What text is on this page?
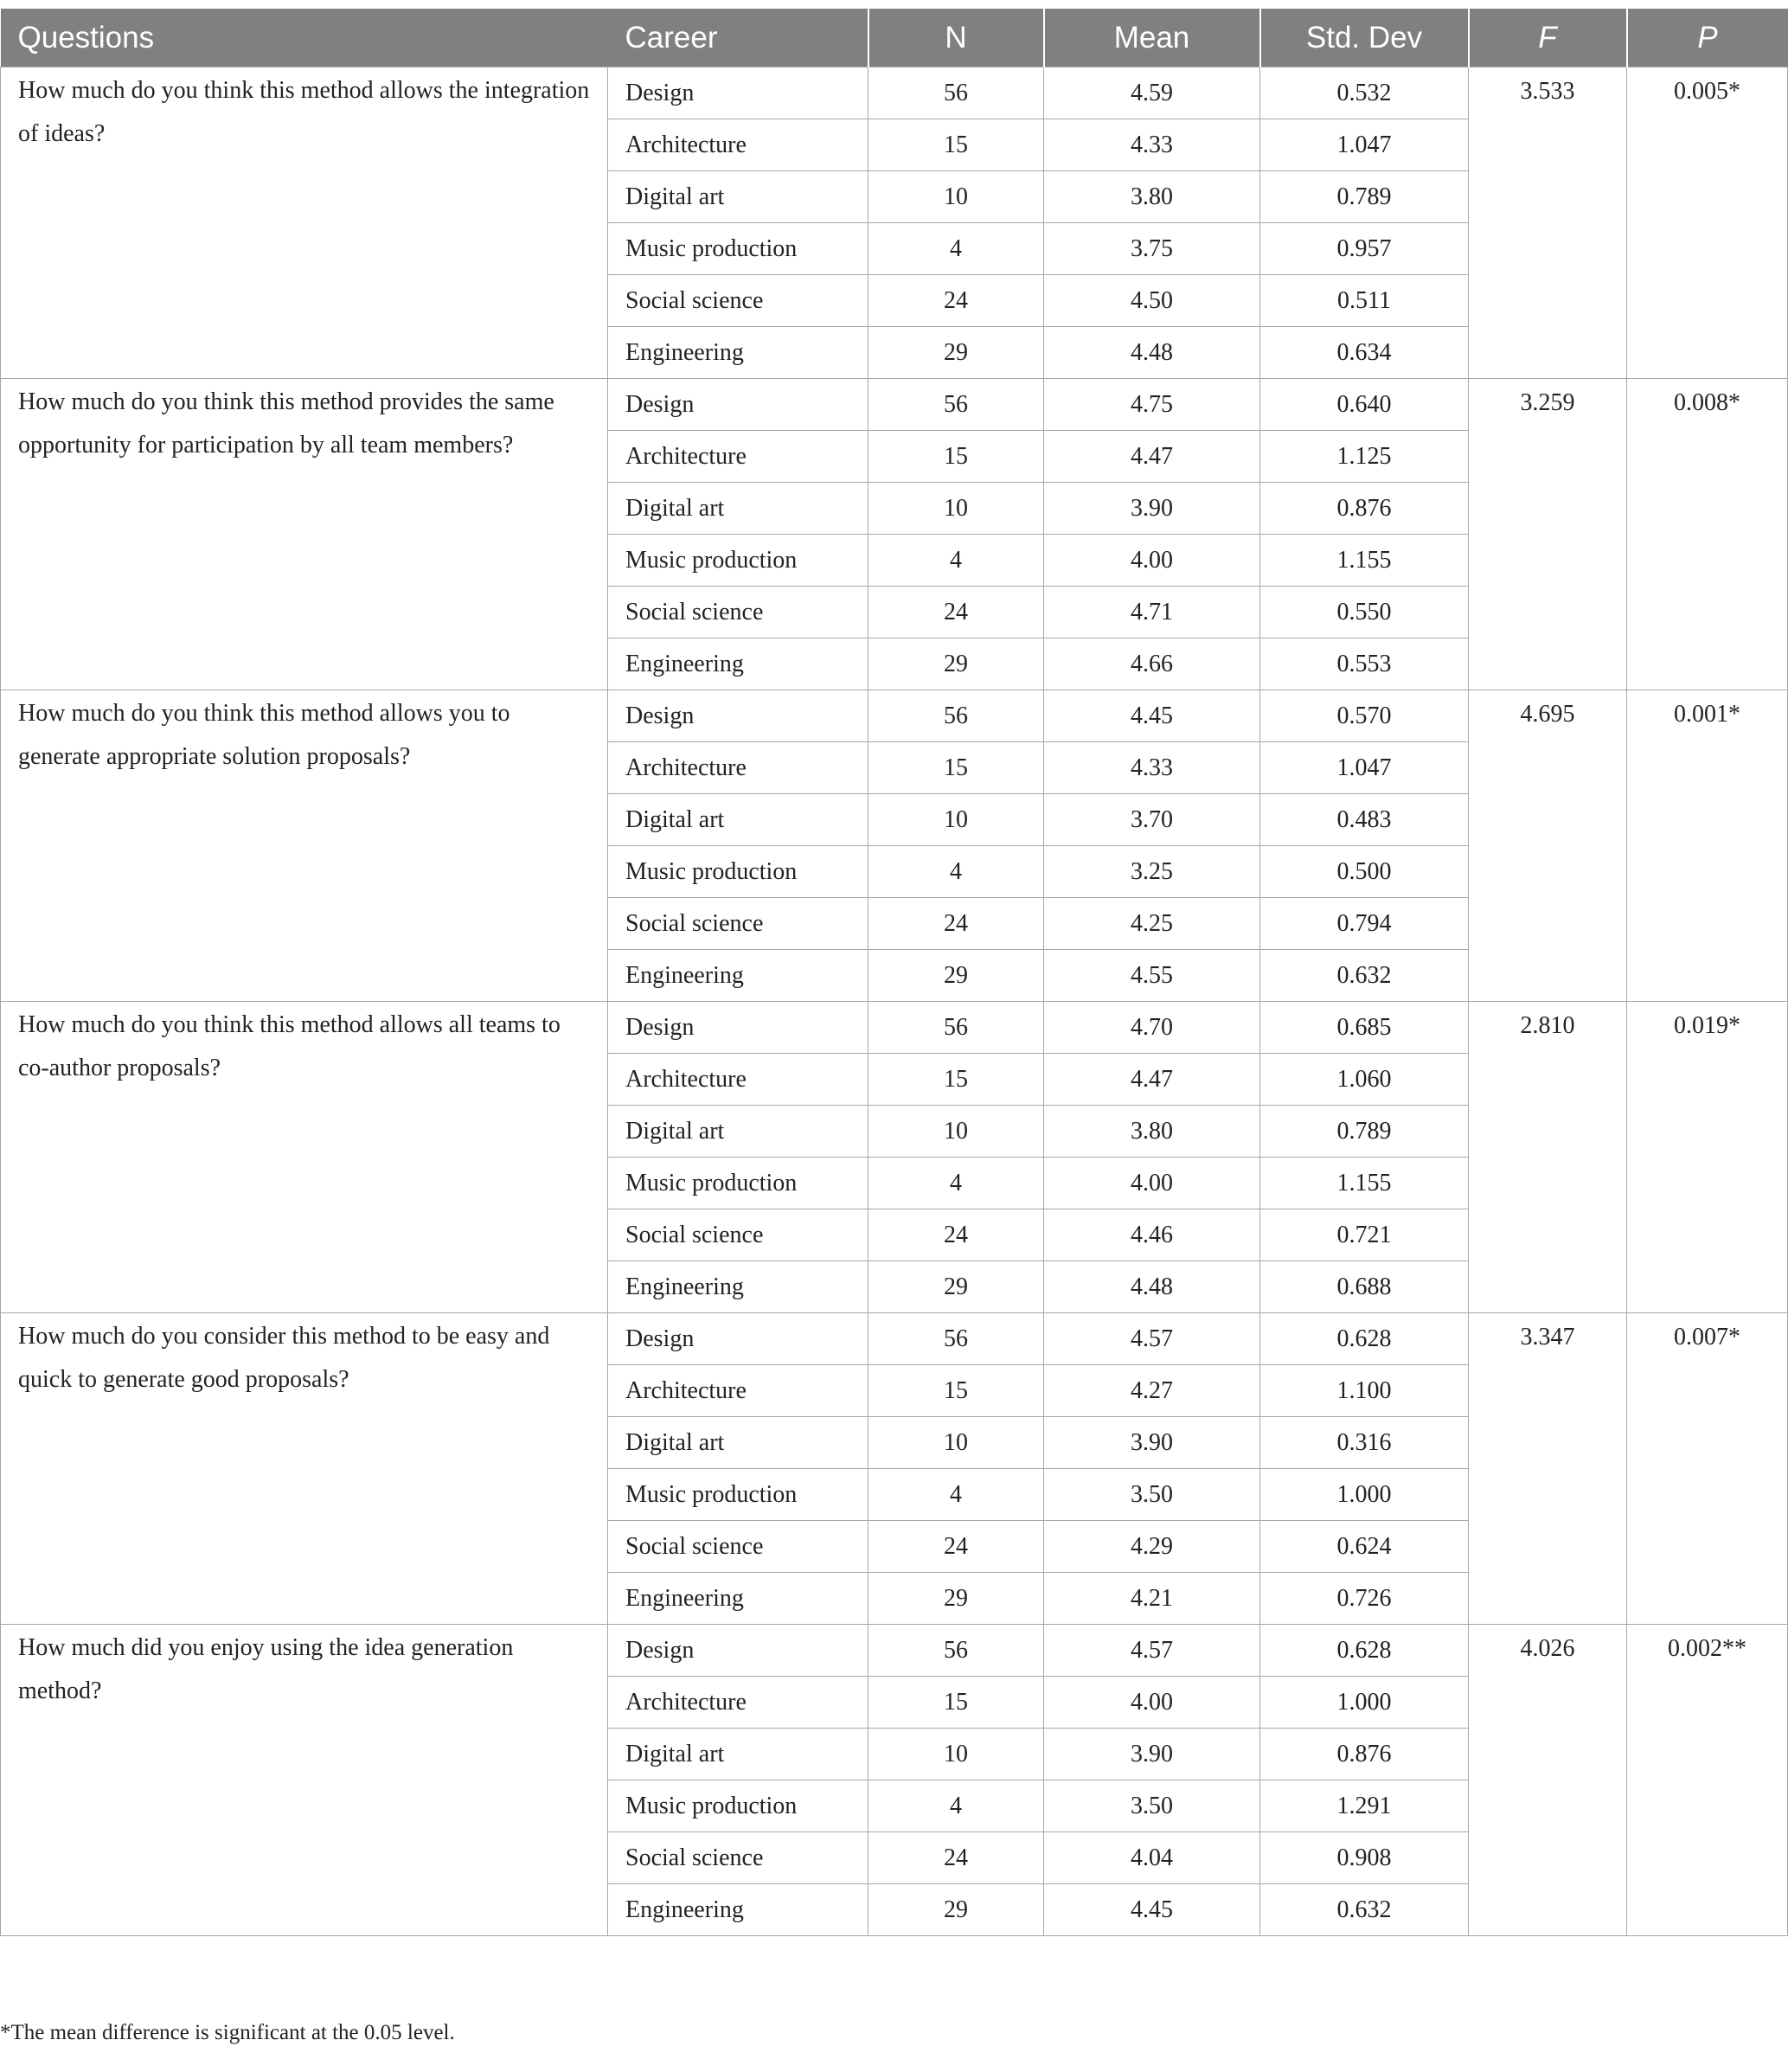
Questions	Career	N	Mean	Std. Dev	F	P
How much do you think this method allows the integration of ideas?	Design	56	4.59	0.532	3.533	0.005*
	Architecture	15	4.33	1.047		
	Digital art	10	3.80	0.789		
	Music production	4	3.75	0.957		
	Social science	24	4.50	0.511		
	Engineering	29	4.48	0.634		
How much do you think this method provides the same opportunity for participation by all team members?	Design	56	4.75	0.640	3.259	0.008*
	Architecture	15	4.47	1.125		
	Digital art	10	3.90	0.876		
	Music production	4	4.00	1.155		
	Social science	24	4.71	0.550		
	Engineering	29	4.66	0.553		
How much do you think this method allows you to generate appropriate solution proposals?	Design	56	4.45	0.570	4.695	0.001*
	Architecture	15	4.33	1.047		
	Digital art	10	3.70	0.483		
	Music production	4	3.25	0.500		
	Social science	24	4.25	0.794		
	Engineering	29	4.55	0.632		
How much do you think this method allows all teams to co-author proposals?	Design	56	4.70	0.685	2.810	0.019*
	Architecture	15	4.47	1.060		
	Digital art	10	3.80	0.789		
	Music production	4	4.00	1.155		
	Social science	24	4.46	0.721		
	Engineering	29	4.48	0.688		
How much do you consider this method to be easy and quick to generate good proposals?	Design	56	4.57	0.628	3.347	0.007*
	Architecture	15	4.27	1.100		
	Digital art	10	3.90	0.316		
	Music production	4	3.50	1.000		
	Social science	24	4.29	0.624		
	Engineering	29	4.21	0.726		
How much did you enjoy using the idea generation method?	Design	56	4.57	0.628	4.026	0.002**
	Architecture	15	4.00	1.000		
	Digital art	10	3.90	0.876		
	Music production	4	3.50	1.291		
	Social science	24	4.04	0.908		
	Engineering	29	4.45	0.632		
*The mean difference is significant at the 0.05 level.
